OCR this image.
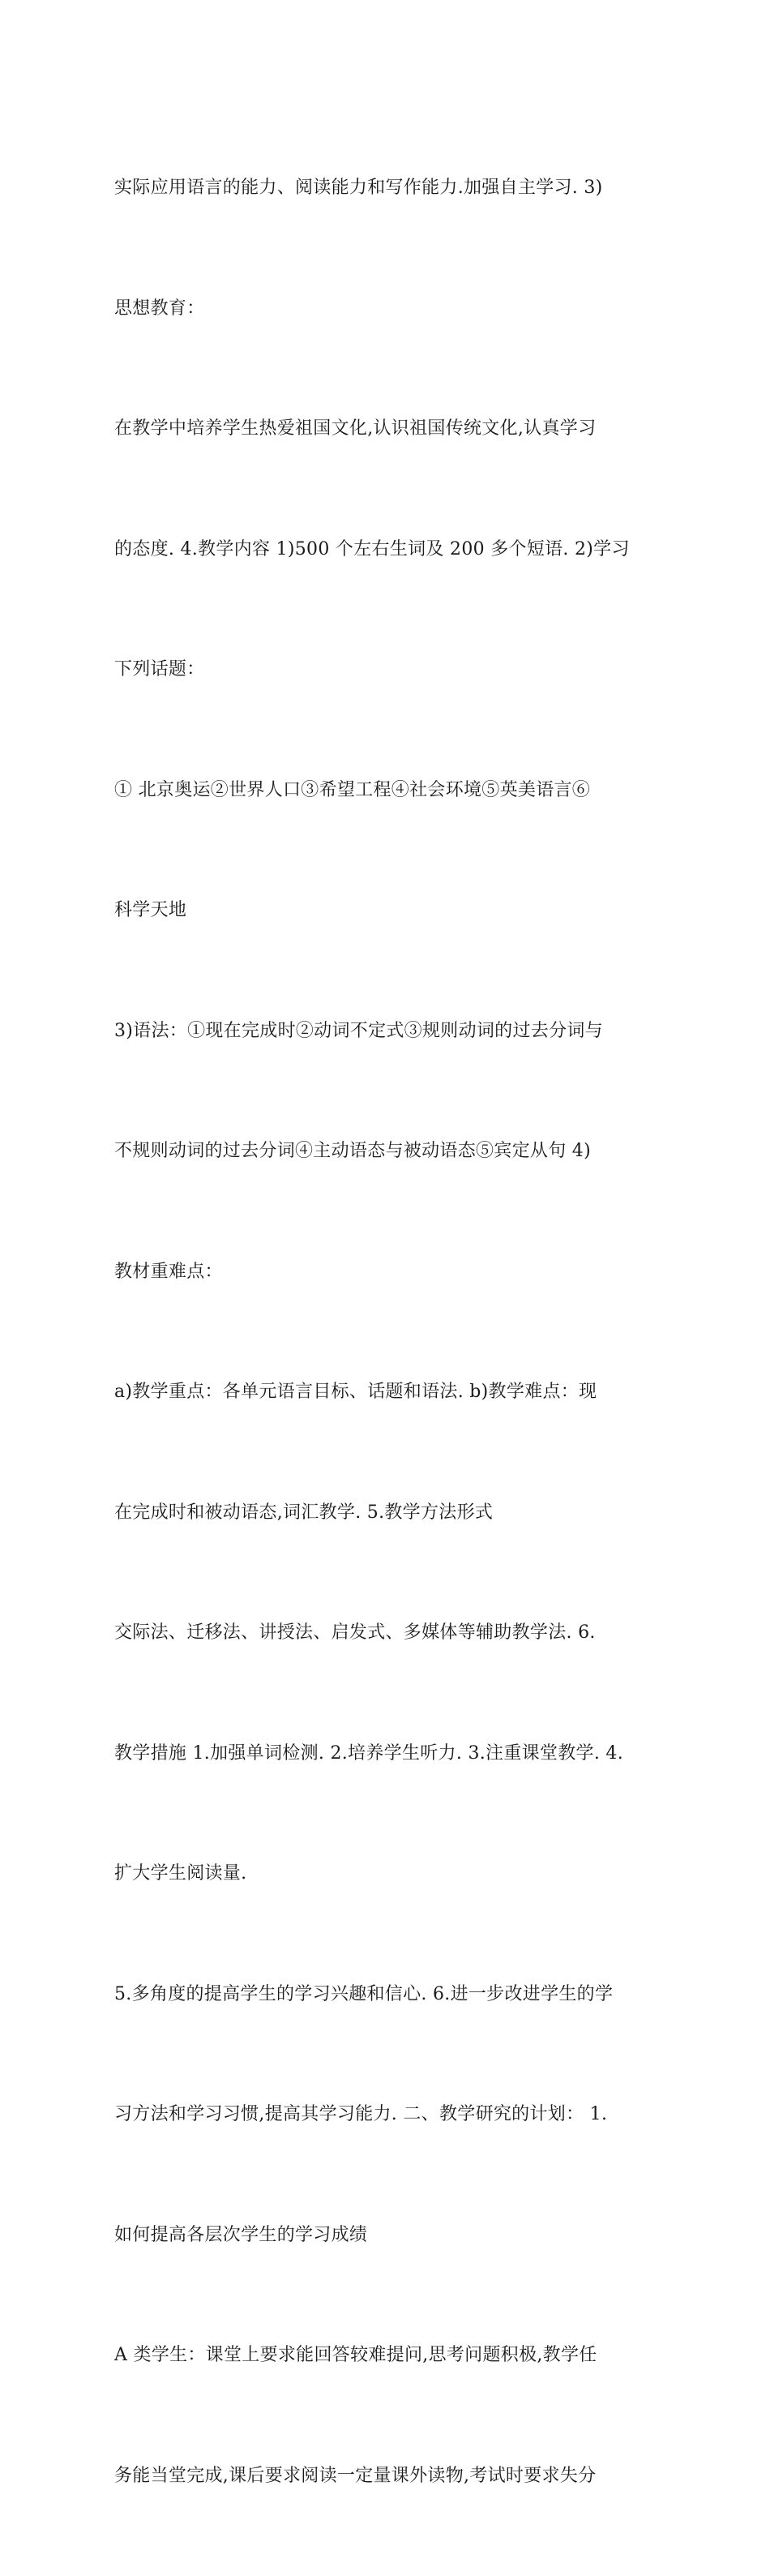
实际应用语言的能力、阅读能力和写作能力.加强自主学习. 3)

思想教育：

在教学中培养学生热爱祖国文化,认识祖国传统文化,认真学习

的态度. 4.教学内容 1)500 个左右生词及 200 多个短语. 2)学习

下列话题：

① 北京奥运②世界人口③希望工程④社会环境⑤英美语言⑥

科学天地

3)语法：①现在完成时②动词不定式③规则动词的过去分词与

不规则动词的过去分词④主动语态与被动语态⑤宾定从句 4)

教材重难点：

a)教学重点：各单元语言目标、话题和语法. b)教学难点：现

在完成时和被动语态,词汇教学. 5.教学方法形式

交际法、迁移法、讲授法、启发式、多媒体等辅助教学法. 6.

教学措施 1.加强单词检测. 2.培养学生听力. 3.注重课堂教学. 4.

扩大学生阅读量.

5.多角度的提高学生的学习兴趣和信心. 6.进一步改进学生的学

习方法和学习习惯,提高其学习能力. 二、教学研究的计划： 1.

如何提高各层次学生的学习成绩

A 类学生：课堂上要求能回答较难提问,思考问题积极,教学任

务能当堂完成,课后要求阅读一定量课外读物,考试时要求失分
